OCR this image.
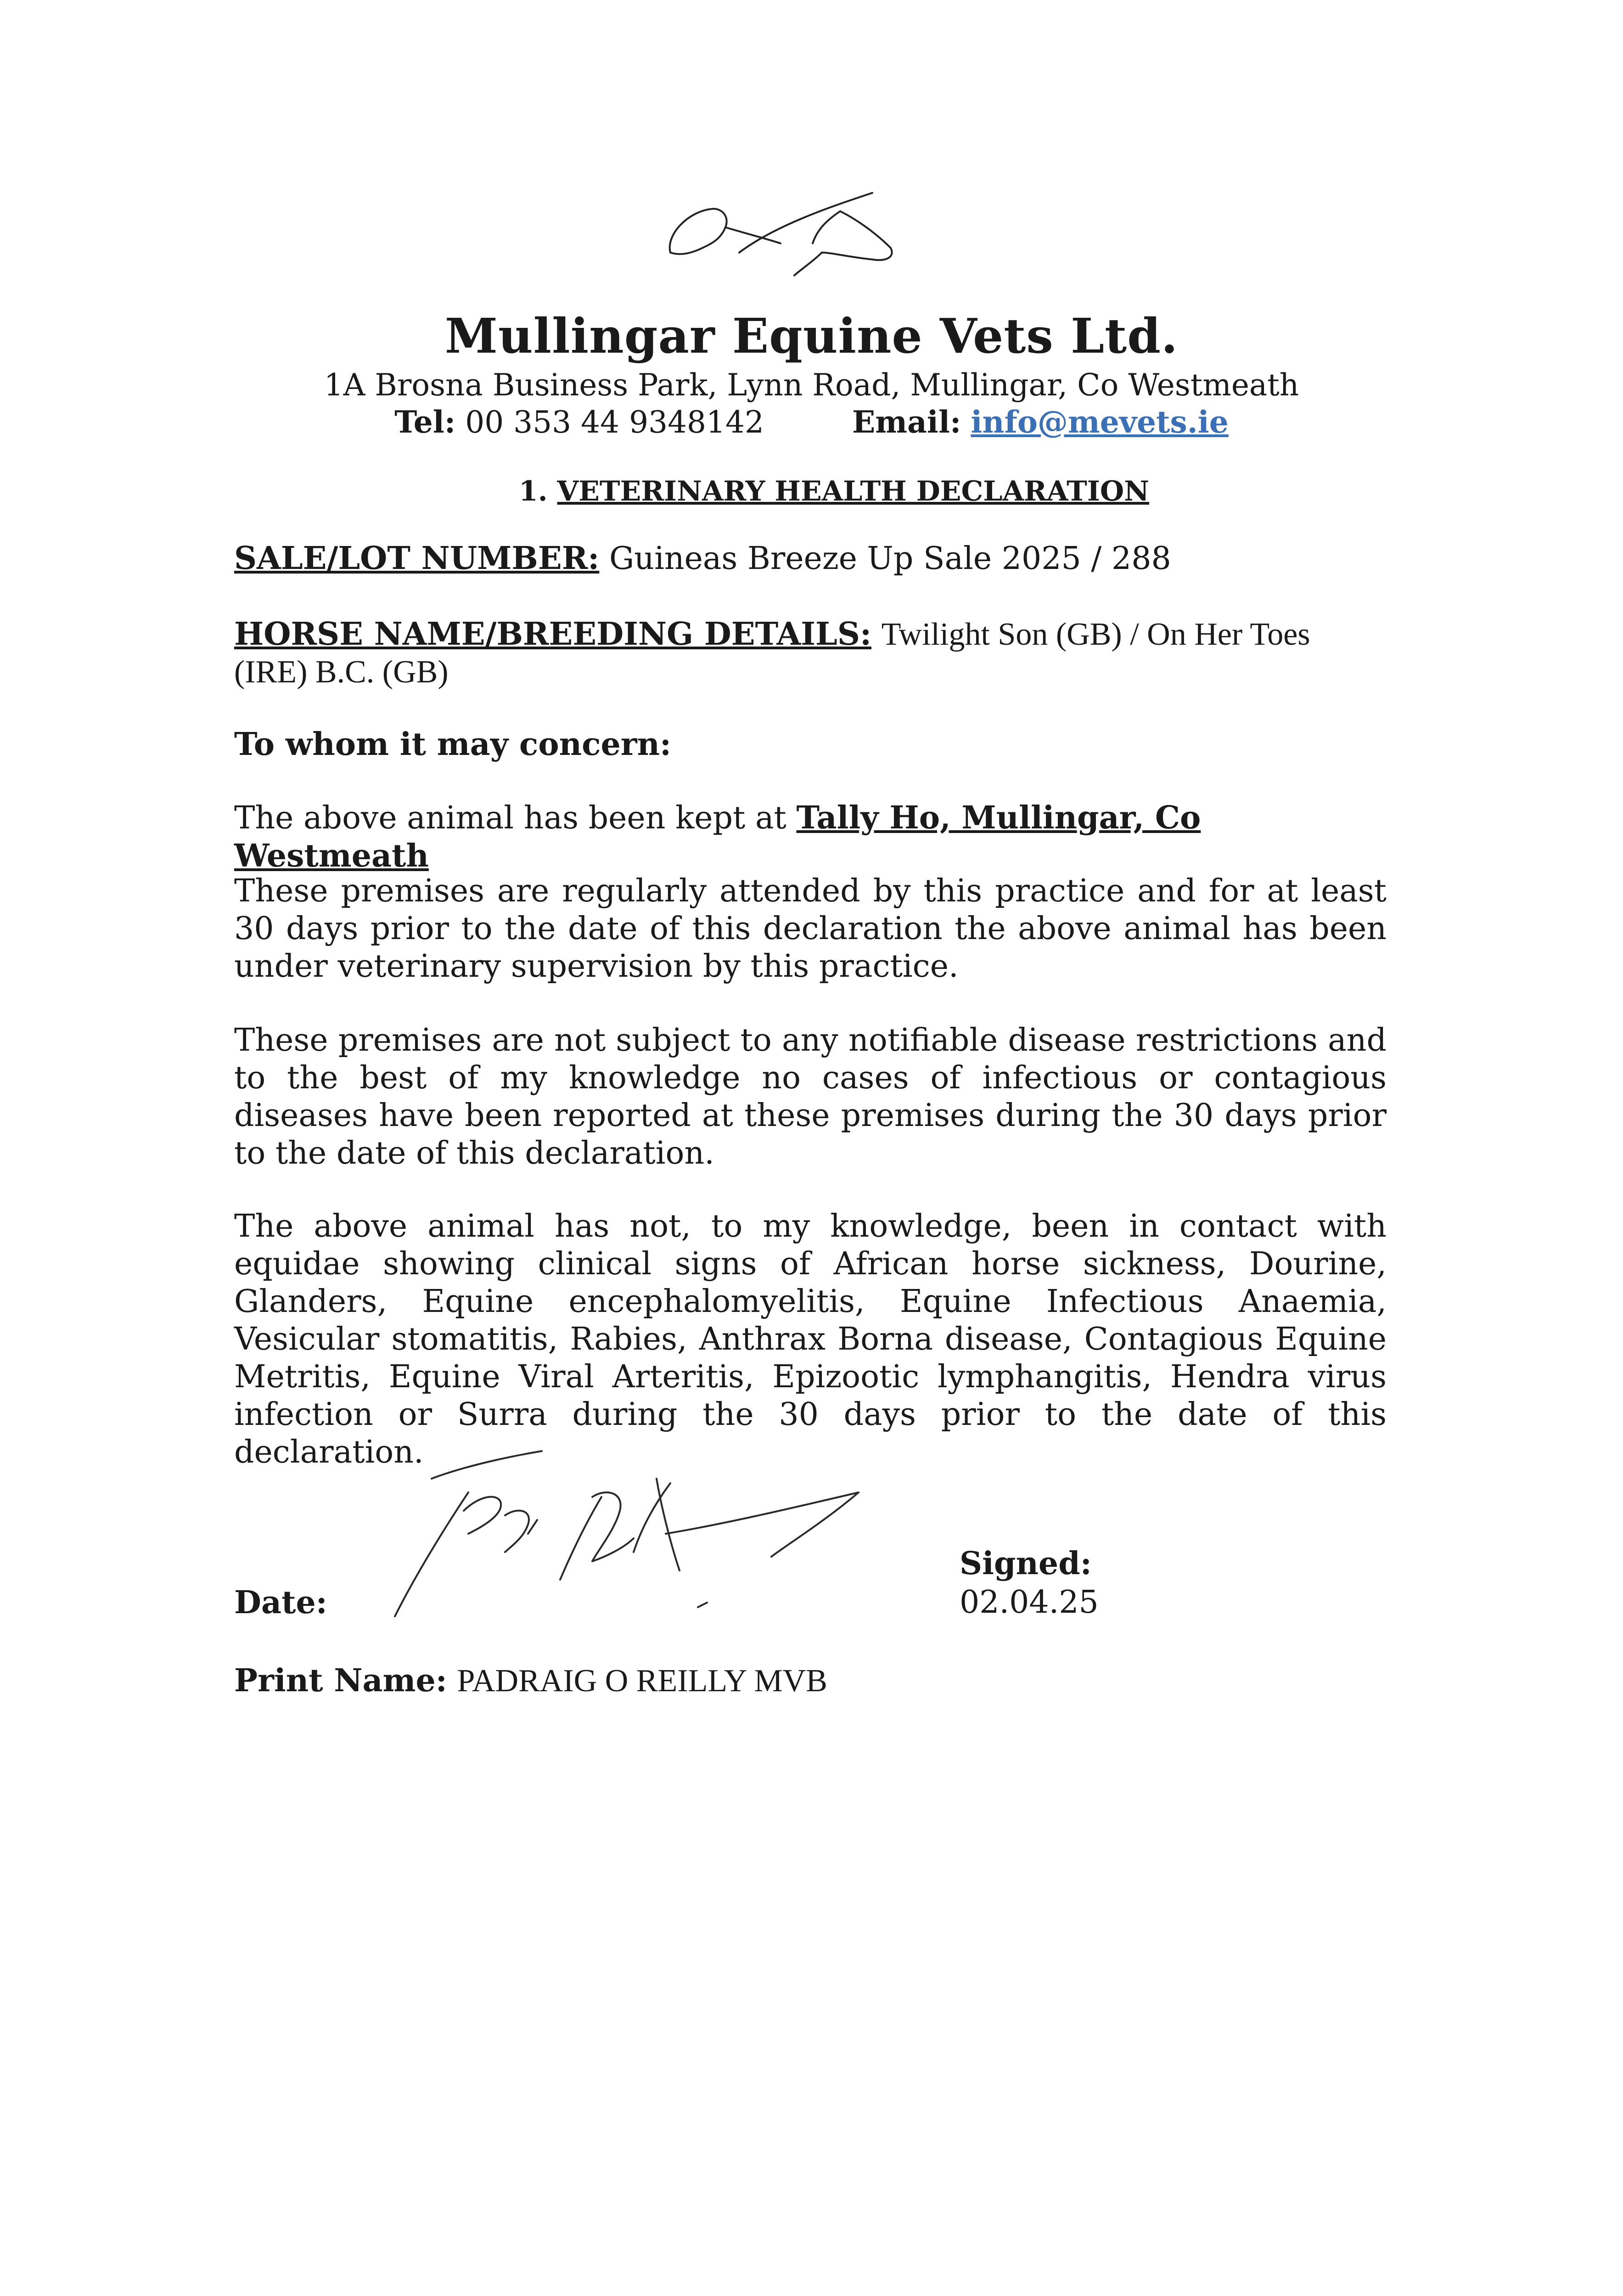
Mullingar Equine Vets Ltd.
1A Brosna Business Park, Lynn Road, Mullingar, Co Westmeath
Tel: 00 353 44 9348142	Email: info@mevets.ie
1. VETERINARY HEALTH DECLARATION
SALE/LOT NUMBER: Guineas Breeze Up Sale 2025 / 288
HORSE NAME/BREEDING DETAILS: Twilight Son (GB) / On Her Toes (IRE) B.C. (GB)
To whom it may concern:
The above animal has been kept at Tally Ho, Mullingar, Co Westmeath
These premises are regularly attended by this practice and for at least 30 days prior to the date of this declaration the above animal has been under veterinary supervision by this practice.
These premises are not subject to any notifiable disease restrictions and to the best of my knowledge no cases of infectious or contagious diseases have been reported at these premises during the 30 days prior to the date of this declaration.
The above animal has not, to my knowledge, been in contact with equidae showing clinical signs of African horse sickness, Dourine, Glanders, Equine encephalomyelitis, Equine Infectious Anaemia, Vesicular stomatitis, Rabies, Anthrax Borna disease, Contagious Equine Metritis, Equine Viral Arteritis, Epizootic lymphangitis, Hendra virus infection or Surra during the 30 days prior to the date of this declaration.
Date:
Signed:
02.04.25
Print Name: PADRAIG O REILLY MVB
